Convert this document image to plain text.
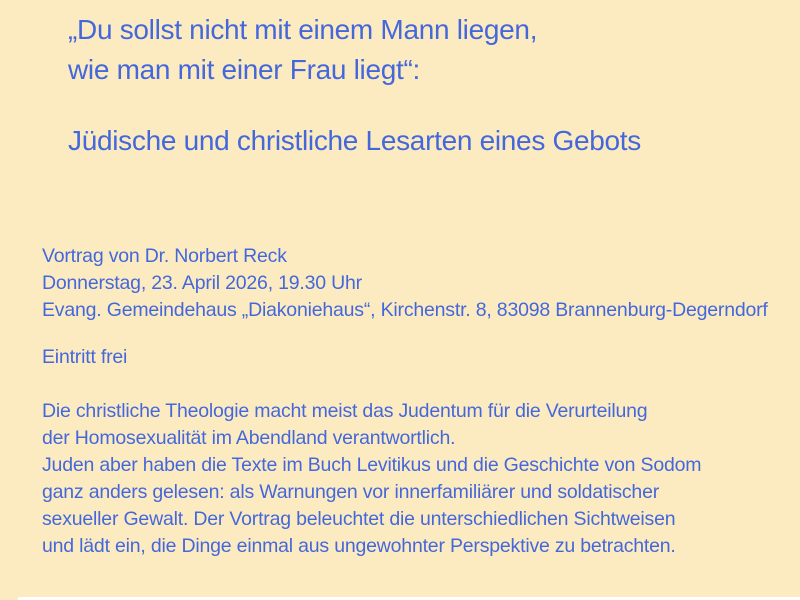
„Du sollst nicht mit einem Mann liegen,
wie man mit einer Frau liegt“:
Jüdische und christliche Lesarten eines Gebots
Vortrag von Dr. Norbert Reck
Donnerstag, 23. April 2026, 19.30 Uhr
Evang. Gemeindehaus „Diakoniehaus“, Kirchenstr. 8, 83098 Brannenburg-Degerndorf
Eintritt frei
Die christliche Theologie macht meist das Judentum für die Verurteilung
der Homosexualität im Abendland verantwortlich.
Juden aber haben die Texte im Buch Levitikus und die Geschichte von Sodom
ganz anders gelesen: als Warnungen vor innerfamiliärer und soldatischer
sexueller Gewalt. Der Vortrag beleuchtet die unterschiedlichen Sichtweisen
und lädt ein, die Dinge einmal aus ungewohnter Perspektive zu betrachten.
